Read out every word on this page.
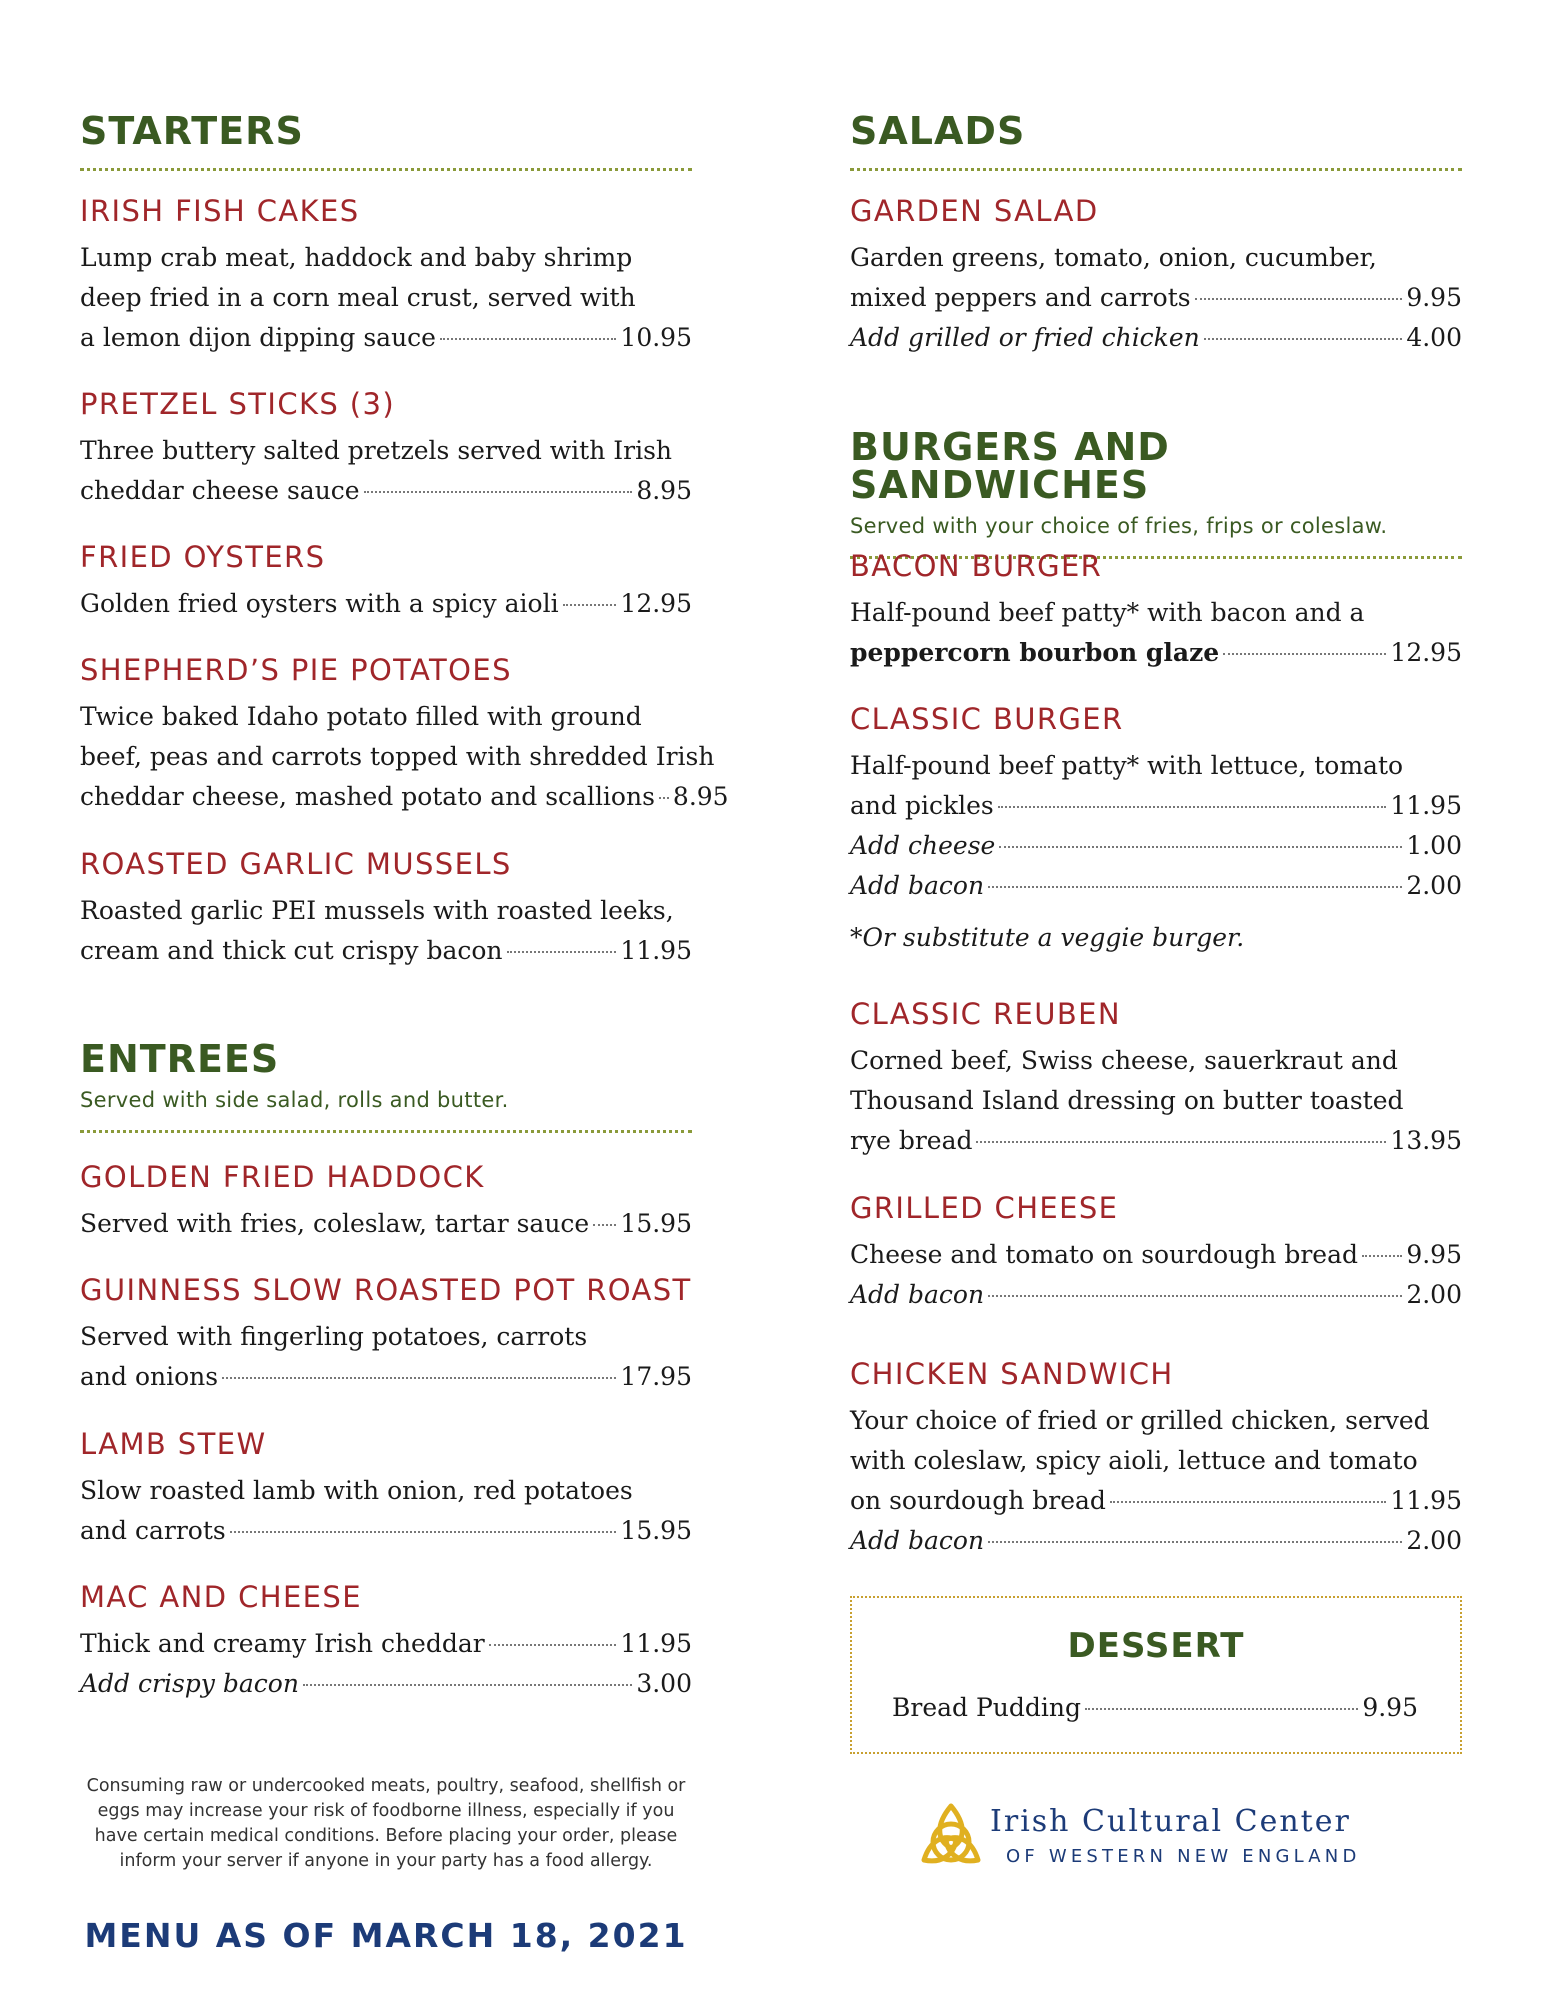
STARTERS
IRISH FISH CAKES
Lump crab meat, haddock and baby shrimp
deep fried in a corn meal crust, served with
a lemon dijon dipping sauce	10.95
PRETZEL STICKS (3)
Three buttery salted pretzels served with Irish
cheddar cheese sauce	8.95
FRIED OYSTERS
Golden fried oysters with a spicy aioli 12.95
SHEPHERD’S PIE POTATOES
Twice baked Idaho potato filled with ground
beef, peas and carrots topped with shredded Irish
cheddar cheese, mashed potato and scallions 8.95
ROASTED GARLIC MUSSELS
Roasted garlic PEI mussels with roasted leeks,
cream and thick cut crispy bacon	11.95
ENTREES
Served with side salad, rolls and butter.
GOLDEN FRIED HADDOCK
Served with fries, coleslaw, tartar sauce 15.95
GUINNESS SLOW ROASTED POT ROAST
Served with fingerling potatoes, carrots
and onions	17.95
LAMB STEW
Slow roasted lamb with onion, red potatoes
and carrots	15.95
MAC AND CHEESE
Thick and creamy Irish cheddar	11.95
Add crispy bacon	3.00
SALADS
GARDEN SALAD
Garden greens, tomato, onion, cucumber,
mixed peppers and carrots	9.95
Add grilled or fried chicken	4.00
BURGERS AND SANDWICHES
Served with your choice of fries, frips or coleslaw.
BACON BURGER
Half-pound beef patty* with bacon and a
peppercorn bourbon glaze	12.95
CLASSIC BURGER
Half-pound beef patty* with lettuce, tomato
and pickles	11.95
Add cheese	1.00
Add bacon	2.00
*Or substitute a veggie burger.
CLASSIC REUBEN
Corned beef, Swiss cheese, sauerkraut and
Thousand Island dressing on butter toasted
rye bread	13.95
GRILLED CHEESE
Cheese and tomato on sourdough bread 9.95
Add bacon	2.00
CHICKEN SANDWICH
Your choice of fried or grilled chicken, served
with coleslaw, spicy aioli, lettuce and tomato
on sourdough bread	11.95
Add bacon	2.00
DESSERT
Bread Pudding	9.95
Consuming raw or undercooked meats, poultry, seafood, shellfish or eggs may increase your risk of foodborne illness, especially if you have certain medical conditions. Before placing your order, please inform your server if anyone in your party has a food allergy.
MENU AS OF MARCH 18, 2021
Irish Cultural Center
OF WESTERN NEW ENGLAND
